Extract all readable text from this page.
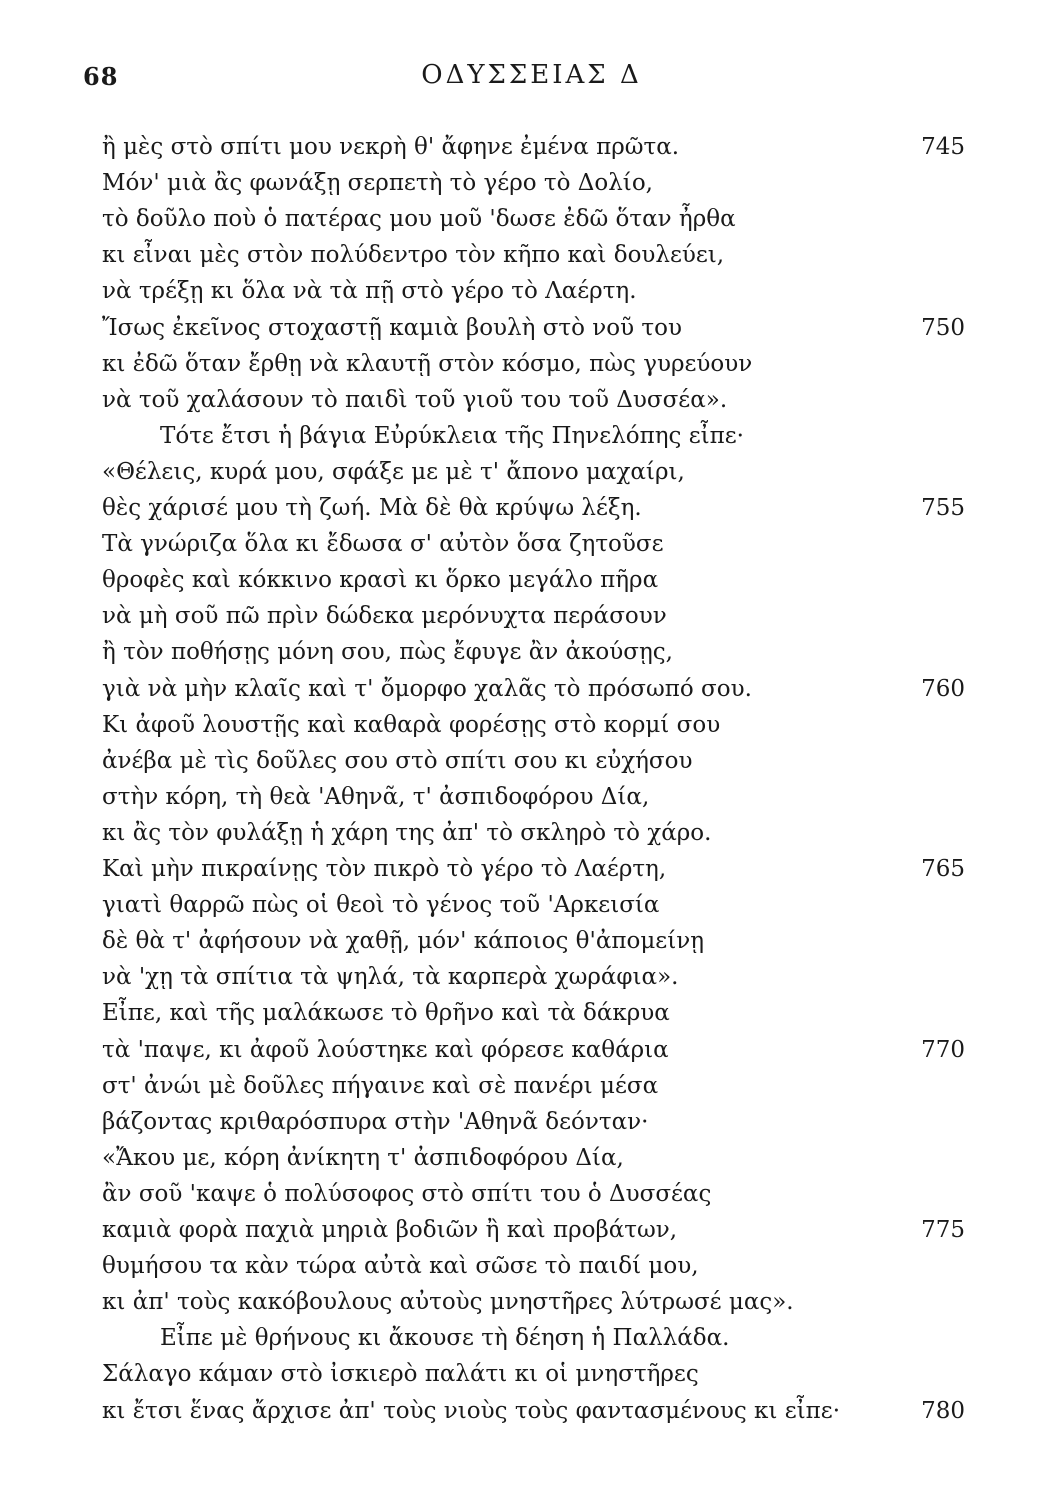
68	ΟΔΥΣΣΕΙΑΣ Δ
ἢ μὲς στὸ σπίτι μου νεκρὴ θ' ἄφηνε ἐμένα πρῶτα.	745
Μόν' μιὰ ἂς φωνάξῃ σερπετὴ τὸ γέρο τὸ Δολίο,
τὸ δοῦλο ποὺ ὁ πατέρας μου μοῦ 'δωσε ἐδῶ ὅταν ἦρθα
κι εἶναι μὲς στὸν πολύδεντρο τὸν κῆπο καὶ δουλεύει,
νὰ τρέξῃ κι ὅλα νὰ τὰ πῇ στὸ γέρο τὸ Λαέρτη.
Ἴσως ἐκεῖνος στοχαστῇ καμιὰ βουλὴ στὸ νοῦ του	750
κι ἐδῶ ὅταν ἔρθῃ νὰ κλαυτῇ στὸν κόσμο, πὼς γυρεύουν
νὰ τοῦ χαλάσουν τὸ παιδὶ τοῦ γιοῦ του τοῦ Δυσσέα».
Τότε ἔτσι ἡ βάγια Εὐρύκλεια τῆς Πηνελόπης εἶπε·
«Θέλεις, κυρά μου, σφάξε με μὲ τ' ἄπονο μαχαίρι,
θὲς χάρισέ μου τὴ ζωή. Μὰ δὲ θὰ κρύψω λέξη.	755
Τὰ γνώριζα ὅλα κι ἔδωσα σ' αὐτὸν ὅσα ζητοῦσε
θροφὲς καὶ κόκκινο κρασὶ κι ὅρκο μεγάλο πῆρα
νὰ μὴ σοῦ πῶ πρὶν δώδεκα μερόνυχτα περάσουν
ἢ τὸν ποθήσῃς μόνη σου, πὼς ἔφυγε ἂν ἀκούσῃς,
γιὰ νὰ μὴν κλαῖς καὶ τ' ὄμορφο χαλᾶς τὸ πρόσωπό σου.	760
Κι ἀφοῦ λουστῇς καὶ καθαρὰ φορέσῃς στὸ κορμί σου
ἀνέβα μὲ τὶς δοῦλες σου στὸ σπίτι σου κι εὐχήσου
στὴν κόρη, τὴ θεὰ 'Αθηνᾶ, τ' ἀσπιδοφόρου Δία,
κι ἂς τὸν φυλάξῃ ἡ χάρη της ἀπ' τὸ σκληρὸ τὸ χάρο.
Καὶ μὴν πικραίνῃς τὸν πικρὸ τὸ γέρο τὸ Λαέρτη,	765
γιατὶ θαρρῶ πὼς οἱ θεοὶ τὸ γένος τοῦ 'Αρκεισία
δὲ θὰ τ' ἀφήσουν νὰ χαθῇ, μόν' κάποιος θ'ἀπομείνῃ
νὰ 'χῃ τὰ σπίτια τὰ ψηλά, τὰ καρπερὰ χωράφια».
Εἶπε, καὶ τῆς μαλάκωσε τὸ θρῆνο καὶ τὰ δάκρυα
τὰ 'παψε, κι ἀφοῦ λούστηκε καὶ φόρεσε καθάρια	770
στ' ἀνώι μὲ δοῦλες πήγαινε καὶ σὲ πανέρι μέσα
βάζοντας κριθαρόσπυρα στὴν 'Αθηνᾶ δεόνταν·
«Ἄκου με, κόρη ἀνίκητη τ' ἀσπιδοφόρου Δία,
ἂν σοῦ 'καψε ὁ πολύσοφος στὸ σπίτι του ὁ Δυσσέας
καμιὰ φορὰ παχιὰ μηριὰ βοδιῶν ἢ καὶ προβάτων,	775
θυμήσου τα κὰν τώρα αὐτὰ καὶ σῶσε τὸ παιδί μου,
κι ἀπ' τοὺς κακόβουλους αὐτοὺς μνηστῆρες λύτρωσέ μας».
Εἶπε μὲ θρήνους κι ἄκουσε τὴ δέηση ἡ Παλλάδα.
Σάλαγο κάμαν στὸ ἰσκιερὸ παλάτι κι οἱ μνηστῆρες
κι ἔτσι ἕνας ἄρχισε ἀπ' τοὺς νιοὺς τοὺς φαντασμένους κι εἶπε·	780
